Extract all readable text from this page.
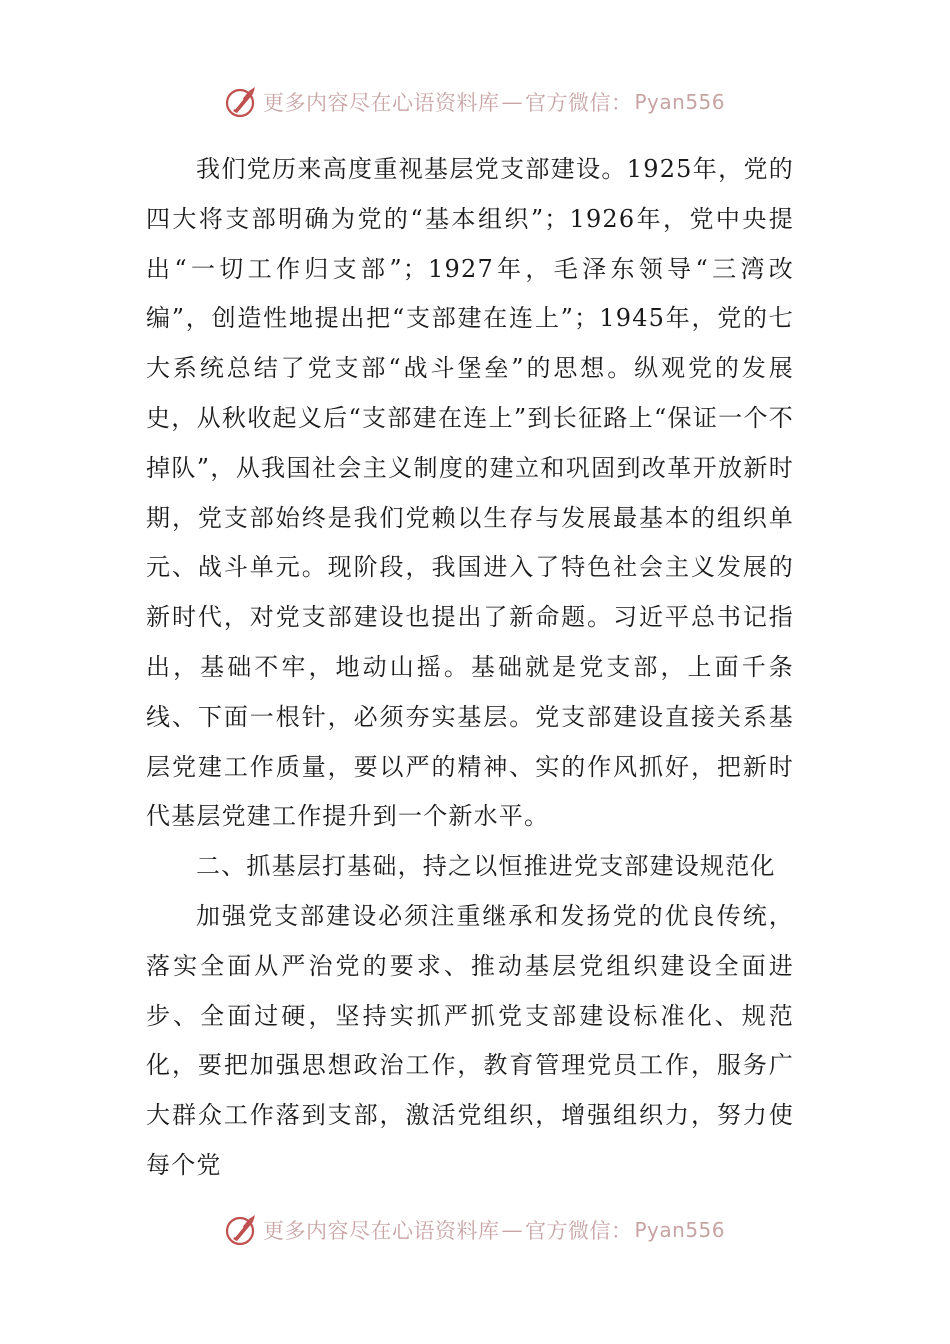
更多内容尽在心语资料库 — 官方微信： Pyan556

我们党历来高度重视基层党支部建设。1925年，党的四大将支部明确为党的“基本组织”；1926年，党中央提出“一切工作归支部”；1927年，毛泽东领导“三湾改编”，创造性地提出把“支部建在连上”；1945年，党的七大系统总结了党支部“战斗堡垒”的思想。纵观党的发展史，从秋收起义后“支部建在连上”到长征路上“保证一个不掉队”，从我国社会主义制度的建立和巩固到改革开放新时期，党支部始终是我们党赖以生存与发展最基本的组织单元、战斗单元。现阶段，我国进入了特色社会主义发展的新时代，对党支部建设也提出了新命题。习近平总书记指出，基础不牢，地动山摇。基础就是党支部，上面千条线、下面一根针，必须夯实基层。党支部建设直接关系基层党建工作质量，要以严的精神、实的作风抓好，把新时代基层党建工作提升到一个新水平。

二、抓基层打基础，持之以恒推进党支部建设规范化

加强党支部建设必须注重继承和发扬党的优良传统，落实全面从严治党的要求、推动基层党组织建设全面进步、全面过硬，坚持实抓严抓党支部建设标准化、规范化，要把加强思想政治工作，教育管理党员工作，服务广大群众工作落到支部，激活党组织，增强组织力，努力使每个党

更多内容尽在心语资料库 — 官方微信： Pyan556
